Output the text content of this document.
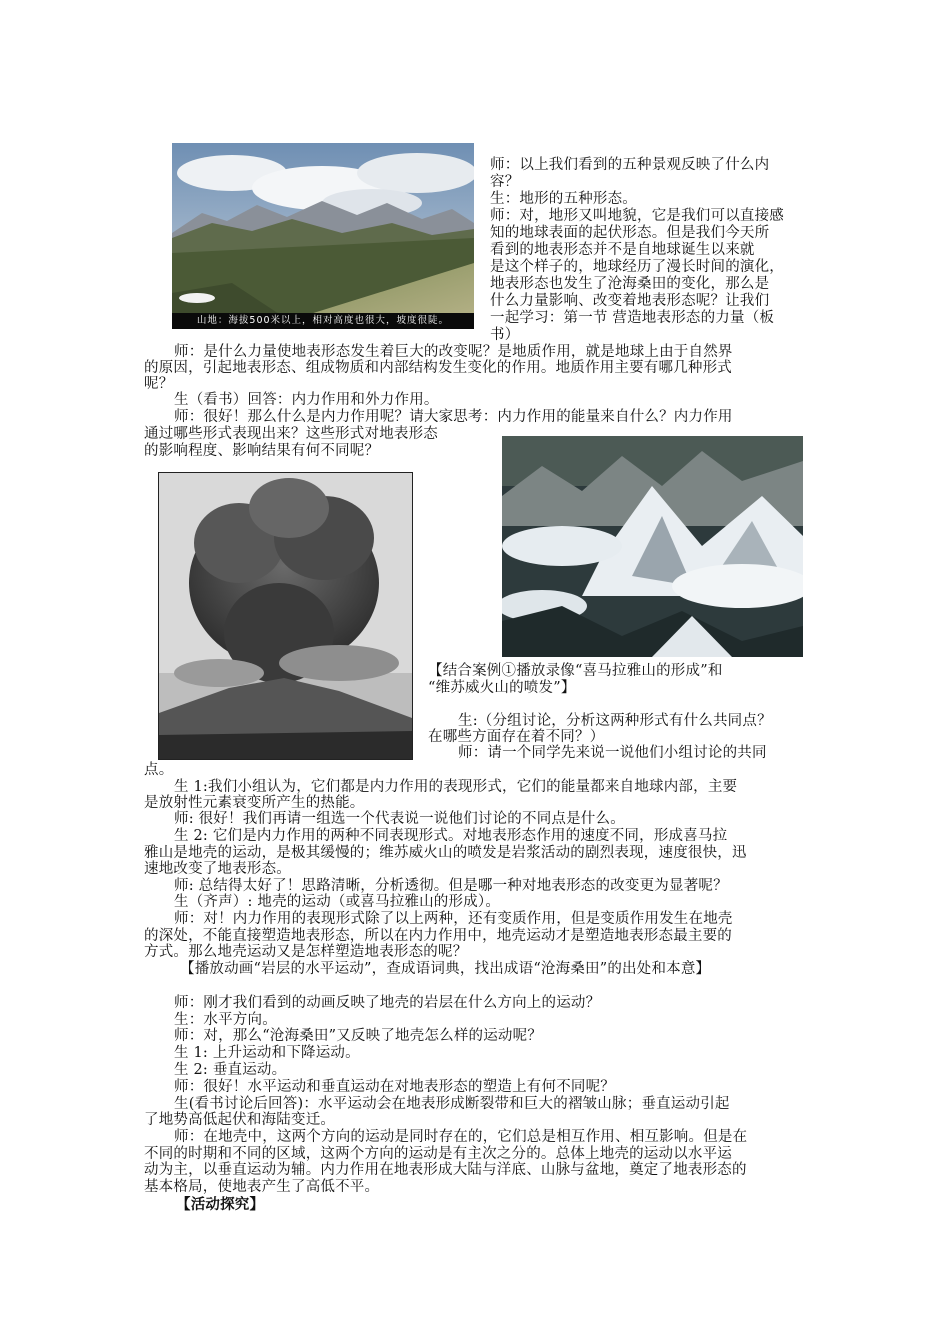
山地：海拔500米以上，相对高度也很大，坡度很陡。
师：以上我们看到的五种景观反映了什么内
容？
生：地形的五种形态。
师：对，地形又叫地貌，它是我们可以直接感
知的地球表面的起伏形态。但是我们今天所
看到的地表形态并不是自地球诞生以来就
是这个样子的，地球经历了漫长时间的演化，
地表形态也发生了沧海桑田的变化，那么是
什么力量影响、改变着地表形态呢？让我们
一起学习：第一节 营造地表形态的力量（板
书）
师：是什么力量使地表形态发生着巨大的改变呢？是地质作用，就是地球上由于自然界
的原因，引起地表形态、组成物质和内部结构发生变化的作用。地质作用主要有哪几种形式
呢？
生（看书）回答：内力作用和外力作用。
师：很好！那么什么是内力作用呢？请大家思考：内力作用的能量来自什么？内力作用
通过哪些形式表现出来？这些形式对地表形态
的影响程度、影响结果有何不同呢？
【结合案例①播放录像“喜马拉雅山的形成”和
“维苏威火山的喷发”】
生:（分组讨论，分析这两种形式有什么共同点？
在哪些方面存在着不同？）
师：请一个同学先来说一说他们小组讨论的共同
点。
生 1:我们小组认为，它们都是内力作用的表现形式，它们的能量都来自地球内部，主要
是放射性元素衰变所产生的热能。
师: 很好！我们再请一组选一个代表说一说他们讨论的不同点是什么。
生 2: 它们是内力作用的两种不同表现形式。对地表形态作用的速度不同，形成喜马拉
雅山是地壳的运动，是极其缓慢的；维苏威火山的喷发是岩浆活动的剧烈表现，速度很快，迅
速地改变了地表形态。
师: 总结得太好了！思路清晰，分析透彻。但是哪一种对地表形态的改变更为显著呢？
生（齐声）: 地壳的运动（或喜马拉雅山的形成）。
师：对！内力作用的表现形式除了以上两种，还有变质作用，但是变质作用发生在地壳
的深处，不能直接塑造地表形态，所以在内力作用中，地壳运动才是塑造地表形态最主要的
方式。那么地壳运动又是怎样塑造地表形态的呢？
【播放动画“岩层的水平运动”，查成语词典，找出成语“沧海桑田”的出处和本意】
师：刚才我们看到的动画反映了地壳的岩层在什么方向上的运动？
生：水平方向。
师：对，那么“沧海桑田”又反映了地壳怎么样的运动呢？
生 1: 上升运动和下降运动。
生 2: 垂直运动。
师：很好！水平运动和垂直运动在对地表形态的塑造上有何不同呢？
生(看书讨论后回答)：水平运动会在地表形成断裂带和巨大的褶皱山脉；垂直运动引起
了地势高低起伏和海陆变迁。
师：在地壳中，这两个方向的运动是同时存在的，它们总是相互作用、相互影响。但是在
不同的时期和不同的区域，这两个方向的运动是有主次之分的。总体上地壳的运动以水平运
动为主，以垂直运动为辅。内力作用在地表形成大陆与洋底、山脉与盆地，奠定了地表形态的
基本格局，使地表产生了高低不平。
【活动探究】
